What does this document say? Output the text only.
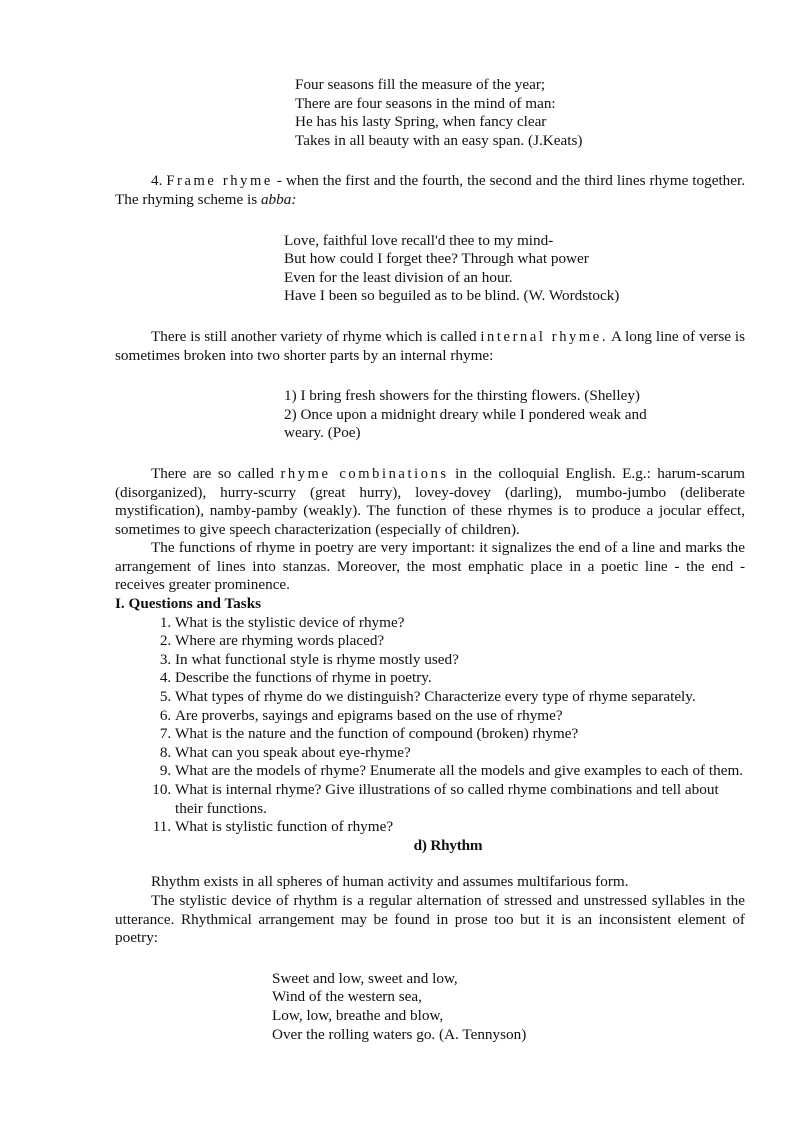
Four seasons fill the measure of the year;
There are four seasons in the mind of man:
He has his lasty Spring, when fancy clear
Takes in all beauty with an easy span. (J.Keats)

4. Frame rhyme - when the first and the fourth, the second and the third lines rhyme together. The rhyming scheme is abba:

Love, faithful love recall'd thee to my mind-
But how could I forget thee? Through what power
Even for the least division of an hour.
Have I been so beguiled as to be blind. (W. Wordstock)

There is still another variety of rhyme which is called internal rhyme. A long line of verse is sometimes broken into two shorter parts by an internal rhyme:

1) I bring fresh showers for the thirsting flowers. (Shelley)
2) Once upon a midnight dreary while I pondered weak and weary. (Poe)

There are so called rhyme combinations in the colloquial English. E.g.: harum-scarum (disorganized), hurry-scurry (great hurry), lovey-dovey (darling), mumbo-jumbo (deliberate mystification), namby-pamby (weakly). The function of these rhymes is to produce a jocular effect, sometimes to give speech characterization (especially of children).

The functions of rhyme in poetry are very important: it signalizes the end of a line and marks the arrangement of lines into stanzas. Moreover, the most emphatic place in a poetic line - the end - receives greater prominence.

I. Questions and Tasks

1. What is the stylistic device of rhyme?
2. Where are rhyming words placed?
3. In what functional style is rhyme mostly used?
4. Describe the functions of rhyme in poetry.
5. What types of rhyme do we distinguish? Characterize every type of rhyme separately.
6. Are proverbs, sayings and epigrams based on the use of rhyme?
7. What is the nature and the function of compound (broken) rhyme?
8. What can you speak about eye-rhyme?
9. What are the models of rhyme? Enumerate all the models and give examples to each of them.
10. What is internal rhyme? Give illustrations of so called rhyme combinations and tell about their functions.
11. What is stylistic function of rhyme?

d) Rhythm

Rhythm exists in all spheres of human activity and assumes multifarious form.

The stylistic device of rhythm is a regular alternation of stressed and unstressed syllables in the utterance. Rhythmical arrangement may be found in prose too but it is an inconsistent element of poetry:

Sweet and low, sweet and low,
Wind of the western sea,
Low, low, breathe and blow,
Over the rolling waters go. (A. Tennyson)
